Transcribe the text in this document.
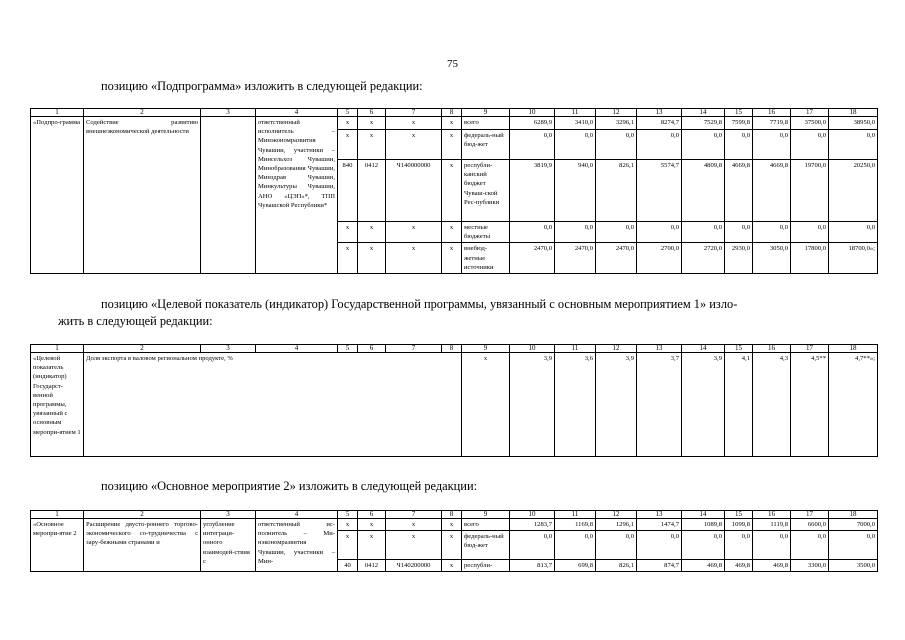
75
позицию «Подпрограмма» изложить в следующей редакции:
1	2	3	4	5	6	7	8	9	10	11	12	13	14	15	16	17	18
«Подпро-грамма	Содействие развитию внешнеэкономической деятельности		ответственный исполнитель – Минэкономразвития Чувашии, участники – Минсельхоз Чувашии, Минобразования Чувашии, Минздрав Чувашии, Минкультуры Чувашии, АНО «ЦЭП»*, ТПП Чувашской Республики*	x	x	x	x	всего	6289,9	3410,0	3296,1	8274,7	7529,8	7599,8	7719,8	37500,0	38950,0
				x	x	x	x	федераль-ный бюд-жет	0,0	0,0	0,0	0,0	0,0	0,0	0,0	0,0	0,0
				840	0412	Ч140000000	x	республи-канский бюджет Чуваш-ской Рес-публики	3819,9	940,0	826,1	5574,7	4809,8	4669,8	4669,8	19700,0	20250,0
				x	x	x	x	местные бюджеты	0,0	0,0	0,0	0,0	0,0	0,0	0,0	0,0	0,0
				x	x	x	x	внебюд-жетные источники	2470,0	2470,0	2470,0	2700,0	2720,0	2930,0	3050,0	17800,0	18700,0»;
позицию «Целевой показатель (индикатор) Государственной программы, увязанный с основным мероприятием 1» изло-
жить в следующей редакции:
1	2	3	4	5	6	7	8	9	10	11	12	13	14	15	16	17	18
«Целевой показатель (индикатор) Государст-венной программы, увязанный с основным меропри-ятием 1	Доля экспорта в валовом региональном продукте, %							x	3,9	3,6	3,9	3,7	3,9	4,1	4,3	4,5**	4,7**»;
позицию «Основное мероприятие 2» изложить в следующей редакции:
1	2	3	4	5	6	7	8	9	10	11	12	13	14	15	16	17	18
«Основное меропри-ятие 2	Расширение двусто-роннего торгово-экономического со-трудничества с зару-бежными странами и	углубление интеграци-онного взаимодей-ствия с	ответственный ис-полнитель – Ми-нэкономразвития Чувашии, участники – Мин-	x	x	x	x	всего	1283,7	1169,8	1296,1	1474,7	1089,8	1099,8	1119,8	6600,0	7000,0
				x	x	x	x	федераль-ный бюд-жет	0,0	0,0	0,0	0,0	0,0	0,0	0,0	0,0	0,0
				40	0412	Ч140200000	x	республи-	813,7	699,8	826,1	874,7	469,8	469,8	469,8	3300,0	3500,0
